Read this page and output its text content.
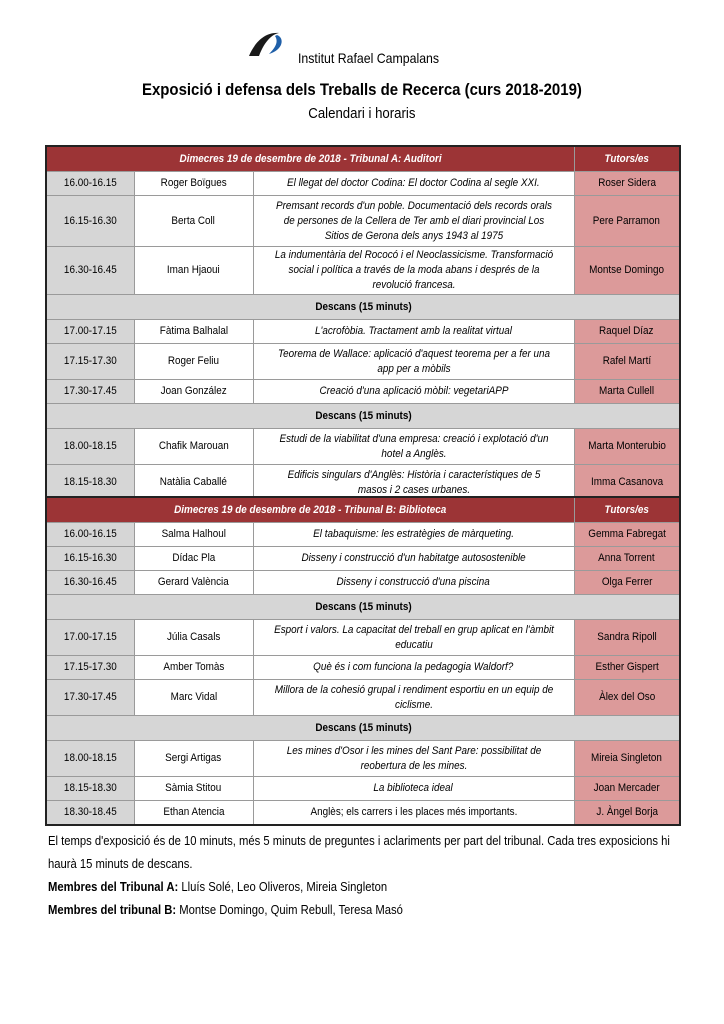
Institut Rafael Campalans
Exposició i defensa dels Treballs de Recerca (curs 2018-2019)
Calendari i horaris
Dimecres 19 de desembre de 2018 - Tribunal A: Auditori			Tutors/es
16.00-16.15	Roger Boïgues	El llegat del doctor Codina: El doctor Codina al segle XXI.	Roser Sidera
16.15-16.30	Berta Coll	Premsant records d'un poble. Documentació dels records orals de persones de la Cellera de Ter amb el diari provincial Los Sitios de Gerona dels anys 1943 al 1975	Pere Parramon
16.30-16.45	Iman Hjaoui	La indumentària del Rococó i el Neoclassicisme. Transformació social i política a través de la moda abans i després de la revolució francesa.	Montse Domingo
Descans (15 minuts)			
17.00-17.15	Fàtima Balhalal	L'acrofòbia. Tractament amb la realitat virtual	Raquel Díaz
17.15-17.30	Roger Feliu	Teorema de Wallace: aplicació d'aquest teorema per a fer una app per a mòbils	Rafel Martí
17.30-17.45	Joan González	Creació d'una aplicació mòbil: vegetariAPP	Marta Cullell
Descans (15 minuts)			
18.00-18.15	Chafik Marouan	Estudi de la viabilitat d'una empresa: creació i explotació d'un hotel a Anglès.	Marta Monterubio
18.15-18.30	Natàlia Caballé	Edificis singulars d'Anglès: Història i característiques de 5 masos i 2 cases urbanes.	Imma Casanova
Dimecres 19 de desembre de 2018 - Tribunal B: Biblioteca			Tutors/es
16.00-16.15	Salma Halhoul	El tabaquisme: les estratègies de màrqueting.	Gemma Fabregat
16.15-16.30	Dídac Pla	Disseny i construcció d'un habitatge autosostenible	Anna Torrent
16.30-16.45	Gerard València	Disseny i construcció d'una piscina	Olga Ferrer
Descans (15 minuts)			
17.00-17.15	Júlia Casals	Esport i valors. La capacitat del treball en grup aplicat en l'àmbit educatiu	Sandra Ripoll
17.15-17.30	Amber Tomàs	Què és i com funciona la pedagogia Waldorf?	Esther Gispert
17.30-17.45	Marc Vidal	Millora de la cohesió grupal i rendiment esportiu en un equip de ciclisme.	Àlex del Oso
Descans (15 minuts)			
18.00-18.15	Sergi Artigas	Les mines d'Osor i les mines del Sant Pare: possibilitat de reobertura de les mines.	Mireia Singleton
18.15-18.30	Sàmia Stitou	La biblioteca ideal	Joan Mercader
18.30-18.45	Ethan Atencia	Anglès; els carrers i les places més importants.	J. Àngel Borja

El temps d'exposició és de 10 minuts, més 5 minuts de preguntes i aclariments per part del tribunal. Cada tres exposicions hi

haurà 15 minuts de descans.

Membres del Tribunal A: Lluís Solé, Leo Oliveros, Mireia Singleton

Membres del tribunal B: Montse Domingo, Quim Rebull, Teresa Masó
